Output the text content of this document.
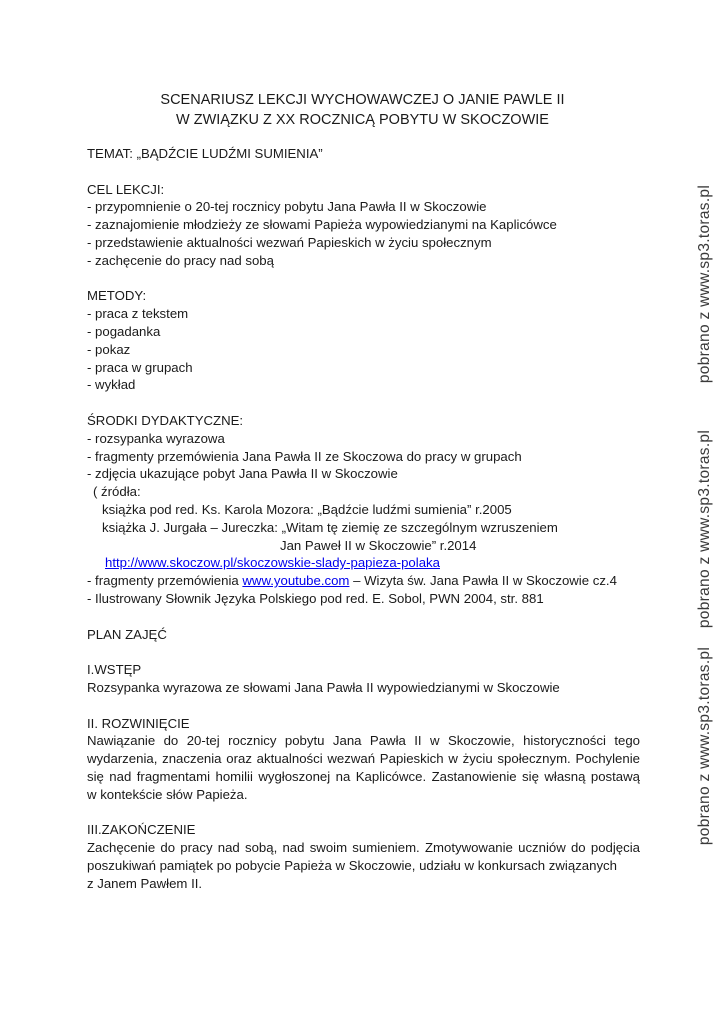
SCENARIUSZ LEKCJI WYCHOWAWCZEJ O JANIE PAWLE II
W ZWIĄZKU Z XX ROCZNICĄ POBYTU W SKOCZOWIE
TEMAT: „BĄDŹCIE LUDŹMI SUMIENIA”
CEL LEKCJI:
- przypomnienie o 20-tej rocznicy pobytu Jana Pawła II w Skoczowie
- zaznajomienie młodzieży ze słowami Papieża wypowiedzianymi na Kaplicówce
- przedstawienie aktualności wezwań Papieskich w życiu społecznym
- zachęcenie do pracy nad sobą
METODY:
- praca z tekstem
- pogadanka
- pokaz
- praca w grupach
- wykład
ŚRODKI DYDAKTYCZNE:
- rozsypanka wyrazowa
- fragmenty przemówienia Jana Pawła II ze Skoczowa do pracy w grupach
- zdjęcia ukazujące pobyt Jana Pawła II w Skoczowie
( źródła:
książka pod red. Ks. Karola Mozora: „Bądźcie ludźmi sumienia” r.2005
książka J. Jurgała – Jureczka: „Witam tę ziemię ze szczególnym wzruszeniem
Jan Paweł II w Skoczowie” r.2014
http://www.skoczow.pl/skoczowskie-slady-papieza-polaka
- fragmenty przemówienia www.youtube.com – Wizyta św. Jana Pawła II w Skoczowie cz.4
- Ilustrowany Słownik Języka Polskiego pod red. E. Sobol, PWN 2004, str. 881
PLAN ZAJĘĆ
I.WSTĘP
Rozsypanka wyrazowa ze słowami Jana Pawła II wypowiedzianymi w Skoczowie
II. ROZWINIĘCIE
Nawiązanie do 20-tej rocznicy pobytu Jana Pawła II w Skoczowie, historyczności tego
wydarzenia, znaczenia oraz aktualności wezwań Papieskich w życiu społecznym. Pochylenie
się nad fragmentami homilii wygłoszonej na Kaplicówce. Zastanowienie się własną postawą
w kontekście słów Papieża.
III.ZAKOŃCZENIE
Zachęcenie do pracy nad sobą, nad swoim sumieniem. Zmotywowanie uczniów do podjęcia
poszukiwań pamiątek po pobycie Papieża w Skoczowie, udziału w konkursach związanych
z Janem Pawłem II.
pobrano z www.sp3.toras.pl
pobrano z www.sp3.toras.pl
pobrano z www.sp3.toras.pl
